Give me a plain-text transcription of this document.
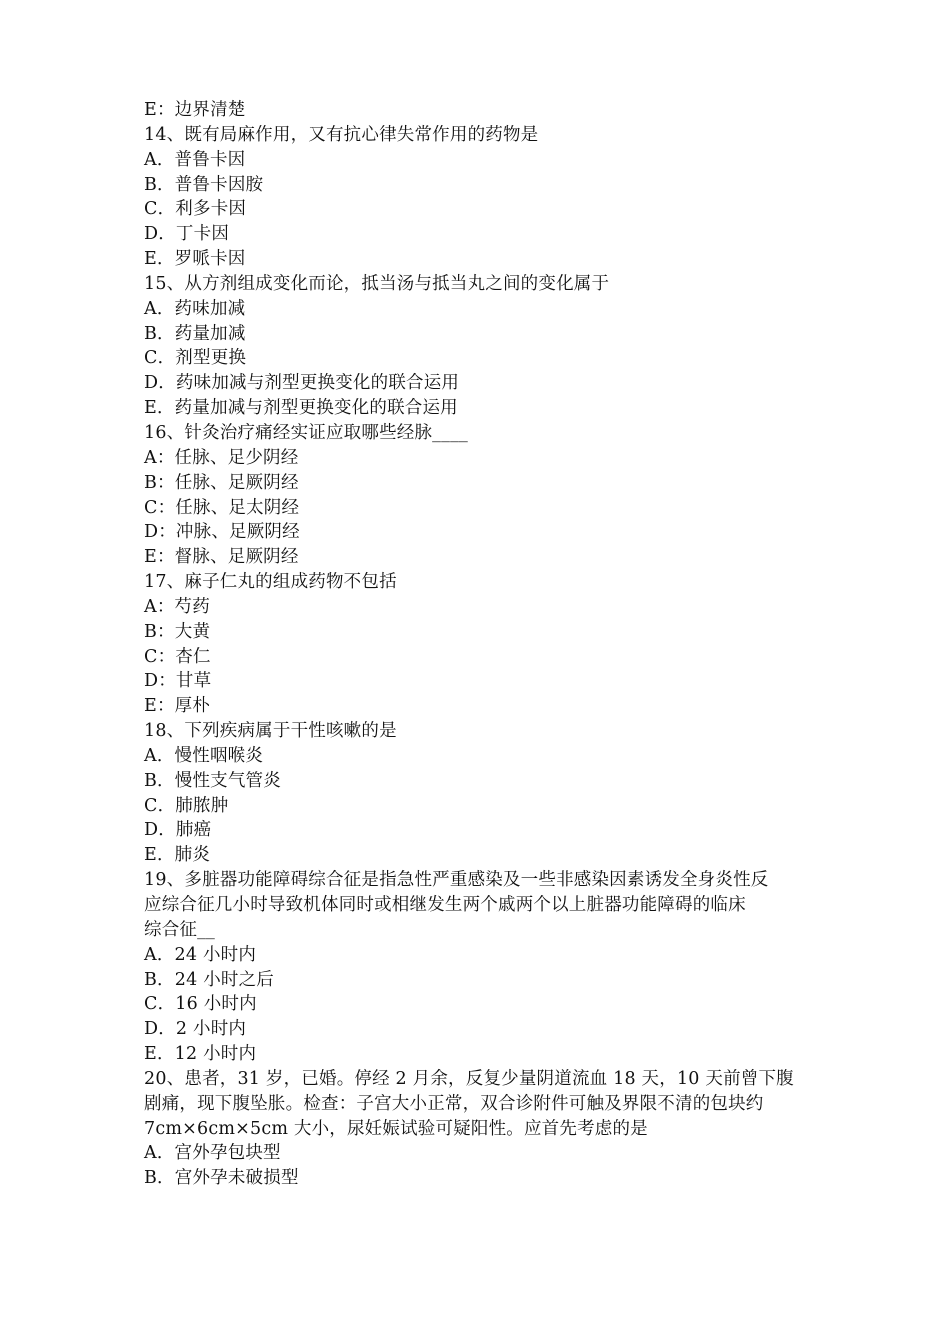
E：边界清楚
14、既有局麻作用，又有抗心律失常作用的药物是
A．普鲁卡因
B．普鲁卡因胺
C．利多卡因
D．丁卡因
E．罗哌卡因
15、从方剂组成变化而论，抵当汤与抵当丸之间的变化属于
A．药味加减
B．药量加减
C．剂型更换
D．药味加减与剂型更换变化的联合运用
E．药量加减与剂型更换变化的联合运用
16、针灸治疗痛经实证应取哪些经脉____
A：任脉、足少阴经
B：任脉、足厥阴经
C：任脉、足太阴经
D：冲脉、足厥阴经
E：督脉、足厥阴经
17、麻子仁丸的组成药物不包括
A：芍药
B：大黄
C：杏仁
D：甘草
E：厚朴
18、下列疾病属于干性咳嗽的是
A．慢性咽喉炎
B．慢性支气管炎
C．肺脓肿
D．肺癌
E．肺炎
19、多脏器功能障碍综合征是指急性严重感染及一些非感染因素诱发全身炎性反
应综合征几小时导致机体同时或相继发生两个戚两个以上脏器功能障碍的临床
综合征__
A．24 小时内
B．24 小时之后
C．16 小时内
D．2 小时内
E．12 小时内
20、患者，31 岁，已婚。停经 2 月余，反复少量阴道流血 18 天，10 天前曾下腹
剧痛，现下腹坠胀。检查：子宫大小正常，双合诊附件可触及界限不清的包块约
7cm×6cm×5cm 大小，尿妊娠试验可疑阳性。应首先考虑的是
A．宫外孕包块型
B．宫外孕未破损型
